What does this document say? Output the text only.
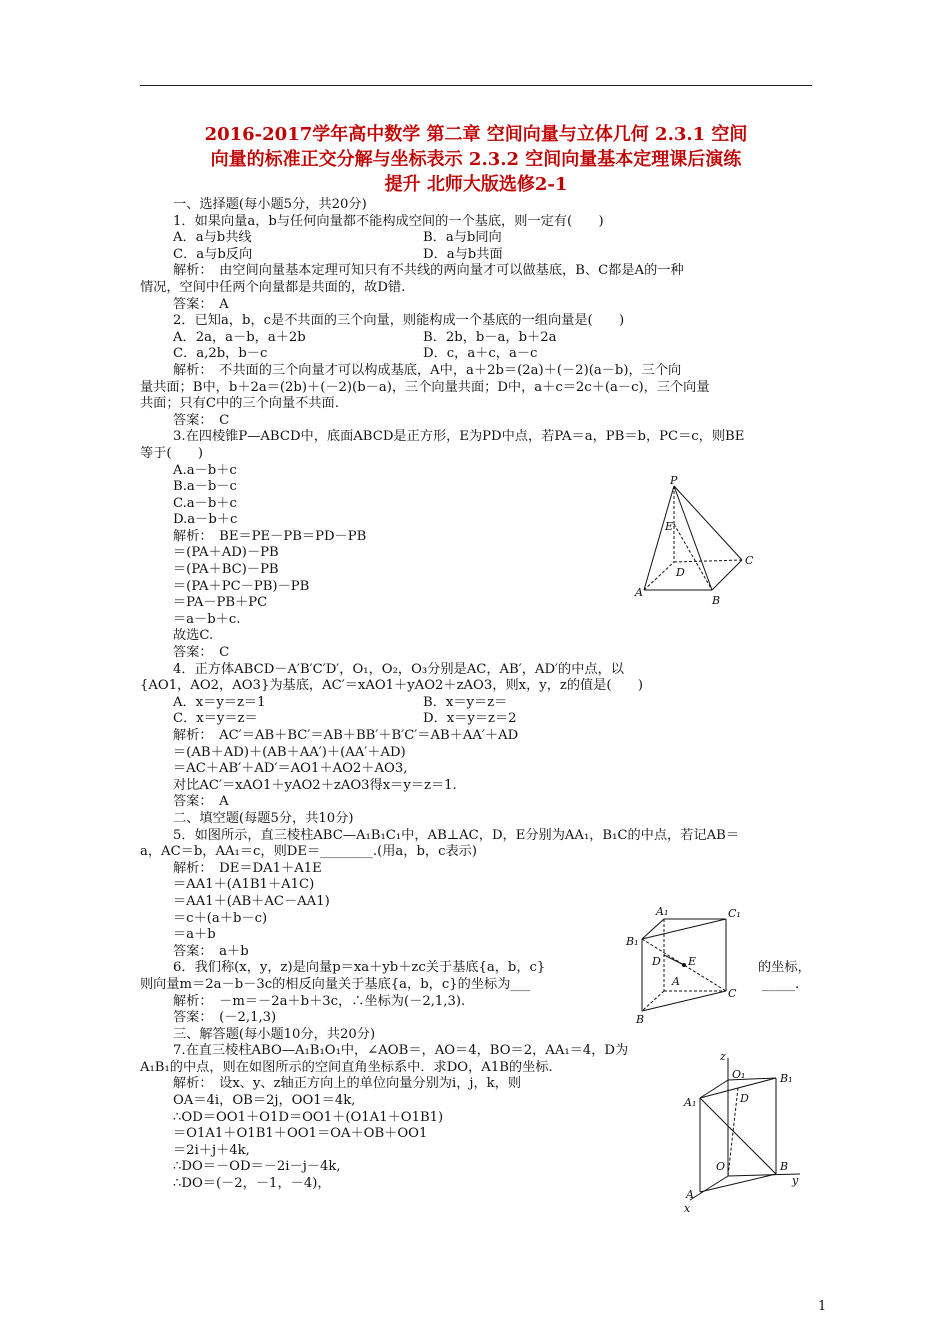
2016-2017学年高中数学 第二章 空间向量与立体几何 2.3.1 空间
向量的标准正交分解与坐标表示 2.3.2 空间向量基本定理课后演练
提升 北师大版选修2-1
一、选择题(每小题5分，共20分)
1．如果向量a，b与任何向量都不能构成空间的一个基底，则一定有(　　)
A．a与b共线	B．a与b同向
C．a与b反向	D．a与b共面
解析：　由空间向量基本定理可知只有不共线的两向量才可以做基底，B、C都是A的一种
情况，空间中任两个向量都是共面的，故D错.
答案：　A
2．已知a，b，c是不共面的三个向量，则能构成一个基底的一组向量是(　　)
A．2a，a－b，a＋2b	B．2b，b－a，b＋2a
C．a,2b，b－c	D．c，a＋c，a－c
解析：　不共面的三个向量才可以构成基底，A中，a＋2b＝(2a)＋(－2)(a－b)，三个向
量共面；B中，b＋2a＝(2b)＋(－2)(b－a)，三个向量共面；D中，a＋c＝2c＋(a－c)，三个向量
共面；只有C中的三个向量不共面.
答案：　C
3.在四棱锥P—ABCD中，底面ABCD是正方形，E为PD中点，若PA＝a，PB＝b，PC＝c，则BE
等于(　　)
A.a－b＋c
B.a－b－c
C.a－b＋c
D.a－b＋c
解析：　BE＝PE－PB＝PD－PB
＝(PA＋AD)－PB
＝(PA＋BC)－PB
＝(PA＋PC－PB)－PB
＝PA－PB＋PC
＝a－b＋c.
故选C.
答案：　C
4．正方体ABCD－A′B′C′D′，O₁，O₂，O₃分别是AC，AB′，AD′的中点，以
{AO1，AO2，AO3}为基底，AC′＝xAO1＋yAO2＋zAO3，则x，y，z的值是(　　)
A．x＝y＝z＝1	B．x＝y＝z＝
C．x＝y＝z＝	D．x＝y＝z＝2
解析：　AC′＝AB＋BC′＝AB＋BB′＋B′C′＝AB＋AA′＋AD
＝(AB＋AD)＋(AB＋AA′)＋(AA′＋AD)
＝AC＋AB′＋AD′＝AO1＋AO2＋AO3,
对比AC′＝xAO1＋yAO2＋zAO3得x＝y＝z＝1.
答案：　A
二、填空题(每题5分，共10分)
5．如图所示，直三棱柱ABC—A₁B₁C₁中，AB⊥AC，D，E分别为AA₁，B₁C的中点，若记AB＝
a，AC＝b，AA₁＝c，则DE＝________.(用a，b，c表示)
解析：　DE＝DA1＋A1E
＝AA1＋(A1B1＋A1C)
＝AA1＋(AB＋AC－AA1)
＝c＋(a＋b－c)
＝a＋b
答案：　a＋b
6．我们称(x，y，z)是向量p＝xa＋yb＋zc关于基底{a，b，c}	的坐标，
则向量m＝2a－b－3c的相反向量关于基底{a，b，c}的坐标为___	_____.
解析：　－m＝－2a＋b＋3c，∴坐标为(－2,1,3).
答案：　(－2,1,3)
三、解答题(每小题10分，共20分)
7.在直三棱柱ABO—A₁B₁O₁中，∠AOB＝，AO＝4，BO＝2，AA₁＝4，D为
A₁B₁的中点，则在如图所示的空间直角坐标系中．求DO，A1B的坐标.
解析：　设x、y、z轴正方向上的单位向量分别为i，j，k，则
OA＝4i，OB＝2j，OO1＝4k,
∴OD＝OO1＋O1D＝OO1＋(O1A1＋O1B1)
＝O1A1＋O1B1＋OO1＝OA＋OB＋OO1
＝2i＋j＋4k,
∴DO＝－OD＝－2i－j－4k,
∴DO＝(－2，－1，－4)，
P
E
D
C
A
B
A₁	C₁
B₁
D E
A
C
B
z
O₁	B₁
A₁	D
O	B
y
A
x
1
